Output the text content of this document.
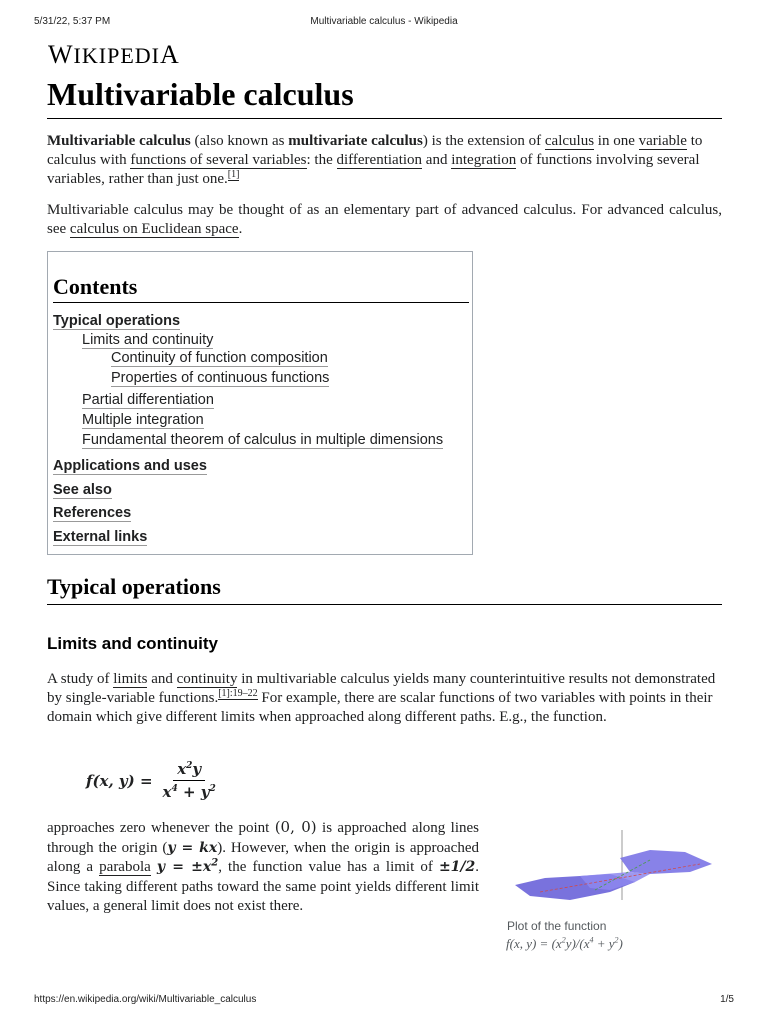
5/31/22, 5:37 PM	Multivariable calculus - Wikipedia
WIKIPEDIA
Multivariable calculus

Multivariable calculus (also known as multivariate calculus) is the extension of calculus in one variable to calculus with functions of several variables: the differentiation and integration of functions involving several variables, rather than just one.[1]

Multivariable calculus may be thought of as an elementary part of advanced calculus. For advanced calculus, see calculus on Euclidean space.

Contents
Typical operations
Limits and continuity
Continuity of function composition
Properties of continuous functions
Partial differentiation
Multiple integration
Fundamental theorem of calculus in multiple dimensions
Applications and uses
See also
References
External links
Typical operations
Limits and continuity

A study of limits and continuity in multivariable calculus yields many counterintuitive results not demonstrated by single-variable functions.$^{[1]:19-22}$ For example, there are scalar functions of two variables with points in their domain which give different limits when approached along different paths. E.g., the function.

f(x, $y) = \frac{x^2y}{x^4 + y^2}$

approaches zero whenever the point (0, 0) is approached along lines through the origin (y = kx). However, when the origin is approached along a parabola $y = \pm x^2$, the function value has a limit of ±1/2. Since taking different paths toward the same point yields different limit values, a general limit does not exist there.

Plot of the function
f(x, $y) = (x^2y)/(x^4 + y^2)$
https://en.wikipedia.org/wiki/Multivariable_calculus	1/5
